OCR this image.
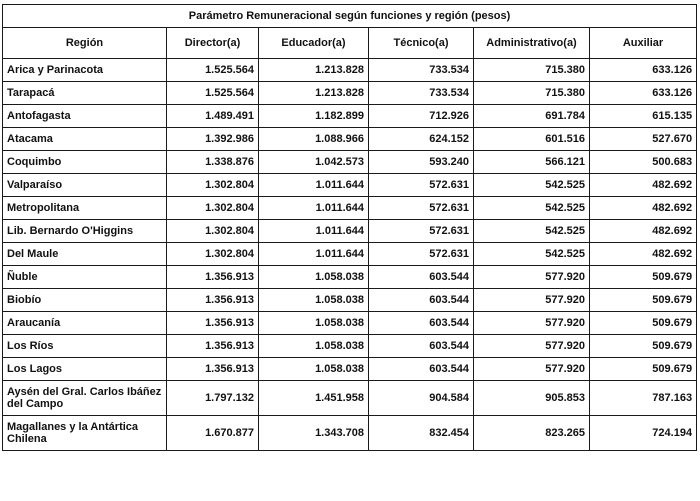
Parámetro Remuneracional según funciones y región (pesos)					
Región	Director(a)	Educador(a)	Técnico(a)	Administrativo(a)	Auxiliar
Arica y Parinacota	1.525.564	1.213.828	733.534	715.380	633.126
Tarapacá	1.525.564	1.213.828	733.534	715.380	633.126
Antofagasta	1.489.491	1.182.899	712.926	691.784	615.135
Atacama	1.392.986	1.088.966	624.152	601.516	527.670
Coquimbo	1.338.876	1.042.573	593.240	566.121	500.683
Valparaíso	1.302.804	1.011.644	572.631	542.525	482.692
Metropolitana	1.302.804	1.011.644	572.631	542.525	482.692
Lib. Bernardo O'Higgins	1.302.804	1.011.644	572.631	542.525	482.692
Del Maule	1.302.804	1.011.644	572.631	542.525	482.692
Ñuble	1.356.913	1.058.038	603.544	577.920	509.679
Biobío	1.356.913	1.058.038	603.544	577.920	509.679
Araucanía	1.356.913	1.058.038	603.544	577.920	509.679
Los Ríos	1.356.913	1.058.038	603.544	577.920	509.679
Los Lagos	1.356.913	1.058.038	603.544	577.920	509.679
Aysén del Gral. Carlos Ibáñez del Campo	1.797.132	1.451.958	904.584	905.853	787.163
Magallanes y la Antártica Chilena	1.670.877	1.343.708	832.454	823.265	724.194
